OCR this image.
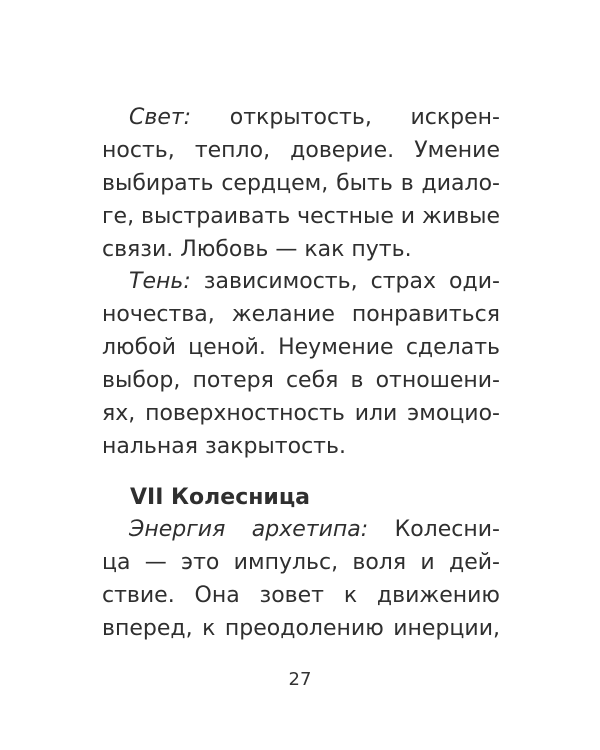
Свет: открытость, искрен-
ность, тепло, доверие. Умение
выбирать сердцем, быть в диало-
ге, выстраивать честные и живые
связи. Любовь — как путь.
Тень: зависимость, страх оди-
ночества, желание понравиться
любой ценой. Неумение сделать
выбор, потеря себя в отношени-
ях, поверхностность или эмоцио-
нальная закрытость.
VII Колесница
Энергия архетипа: Колесни-
ца — это импульс, воля и дей-
ствие. Она зовет к движению
вперед, к преодолению инерции,
27
